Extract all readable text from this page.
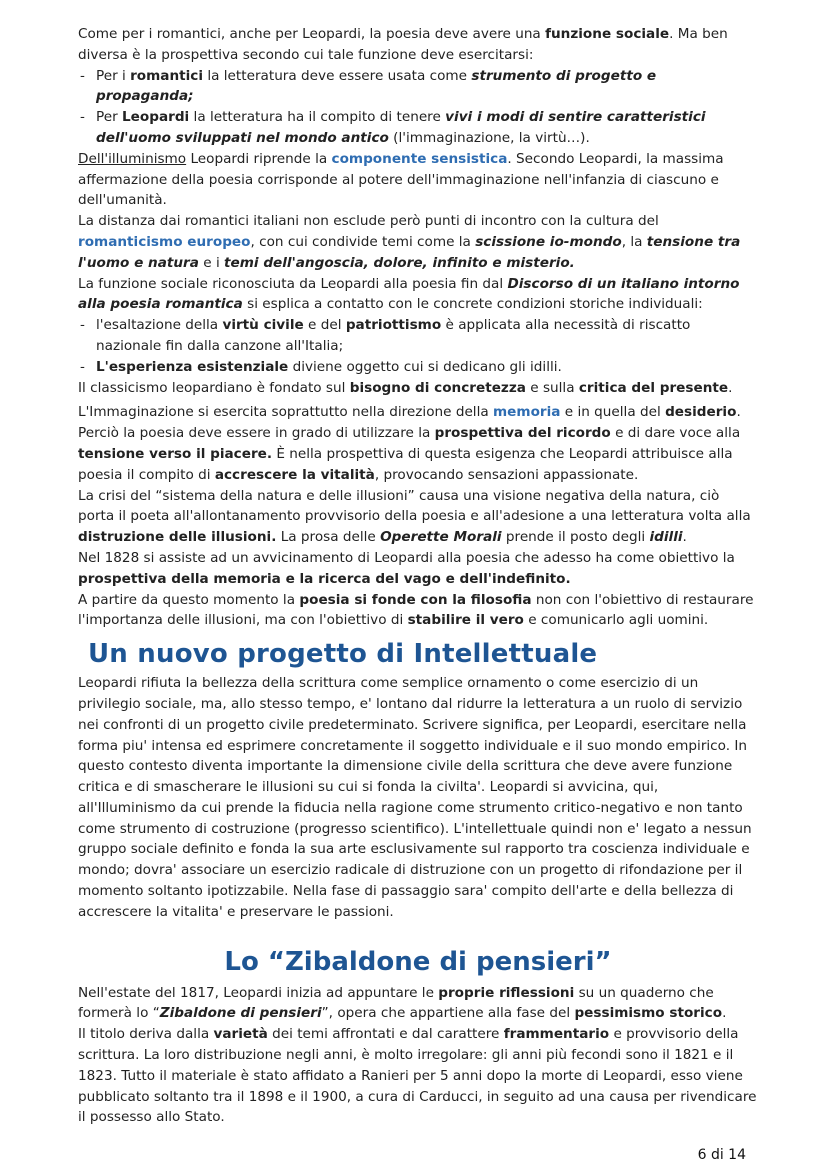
Come per i romantici, anche per Leopardi, la poesia deve avere una funzione sociale. Ma ben diversa è la prospettiva secondo cui tale funzione deve esercitarsi:

- Per i romantici la letteratura deve essere usata come strumento di progetto e propaganda;
- Per Leopardi la letteratura ha il compito di tenere vivi i modi di sentire caratteristici dell'uomo sviluppati nel mondo antico (l'immaginazione, la virtù…).

Dell'illuminismo Leopardi riprende la componente sensistica. Secondo Leopardi, la massima affermazione della poesia corrisponde al potere dell'immaginazione nell'infanzia di ciascuno e dell'umanità.

La distanza dai romantici italiani non esclude però punti di incontro con la cultura del romanticismo europeo, con cui condivide temi come la scissione io-mondo, la tensione tra l'uomo e natura e i temi dell'angoscia, dolore, infinito e misterio.

La funzione sociale riconosciuta da Leopardi alla poesia fin dal Discorso di un italiano intorno alla poesia romantica si esplica a contatto con le concrete condizioni storiche individuali:

- l'esaltazione della virtù civile e del patriottismo è applicata alla necessità di riscatto nazionale fin dalla canzone all'Italia;
- L'esperienza esistenziale diviene oggetto cui si dedicano gli idilli.

Il classicismo leopardiano è fondato sul bisogno di concretezza e sulla critica del presente.

L'Immaginazione si esercita soprattutto nella direzione della memoria e in quella del desiderio. Perciò la poesia deve essere in grado di utilizzare la prospettiva del ricordo e di dare voce alla tensione verso il piacere. È nella prospettiva di questa esigenza che Leopardi attribuisce alla poesia il compito di accrescere la vitalità, provocando sensazioni appassionate.

La crisi del “sistema della natura e delle illusioni” causa una visione negativa della natura, ciò porta il poeta all'allontanamento provvisorio della poesia e all'adesione a una letteratura volta alla distruzione delle illusioni. La prosa delle Operette Morali prende il posto degli idilli.

Nel 1828 si assiste ad un avvicinamento di Leopardi alla poesia che adesso ha come obiettivo la prospettiva della memoria e la ricerca del vago e dell'indefinito.

A partire da questo momento la poesia si fonde con la filosofia non con l'obiettivo di restaurare l'importanza delle illusioni, ma con l'obiettivo di stabilire il vero e comunicarlo agli uomini.

Un nuovo progetto di Intellettuale

Leopardi rifiuta la bellezza della scrittura come semplice ornamento o come esercizio di un privilegio sociale, ma, allo stesso tempo, e' lontano dal ridurre la letteratura a un ruolo di servizio nei confronti di un progetto civile predeterminato. Scrivere significa, per Leopardi, esercitare nella forma piu' intensa ed esprimere concretamente il soggetto individuale e il suo mondo empirico. In questo contesto diventa importante la dimensione civile della scrittura che deve avere funzione critica e di smascherare le illusioni su cui si fonda la civilta'. Leopardi si avvicina, qui, all'Illuminismo da cui prende la fiducia nella ragione come strumento critico-negativo e non tanto come strumento di costruzione (progresso scientifico). L'intellettuale quindi non e' legato a nessun gruppo sociale definito e fonda la sua arte esclusivamente sul rapporto tra coscienza individuale e mondo; dovra' associare un esercizio radicale di distruzione con un progetto di rifondazione per il momento soltanto ipotizzabile. Nella fase di passaggio sara' compito dell'arte e della bellezza di accrescere la vitalita' e preservare le passioni.

Lo “Zibaldone di pensieri”

Nell'estate del 1817, Leopardi inizia ad appuntare le proprie riflessioni su un quaderno che formerà lo “Zibaldone di pensieri”, opera che appartiene alla fase del pessimismo storico.

Il titolo deriva dalla varietà dei temi affrontati e dal carattere frammentario e provvisorio della scrittura. La loro distribuzione negli anni, è molto irregolare: gli anni più fecondi sono il 1821 e il 1823. Tutto il materiale è stato affidato a Ranieri per 5 anni dopo la morte di Leopardi, esso viene pubblicato soltanto tra il 1898 e il 1900, a cura di Carducci, in seguito ad una causa per rivendicare il possesso allo Stato.

6 di 14
